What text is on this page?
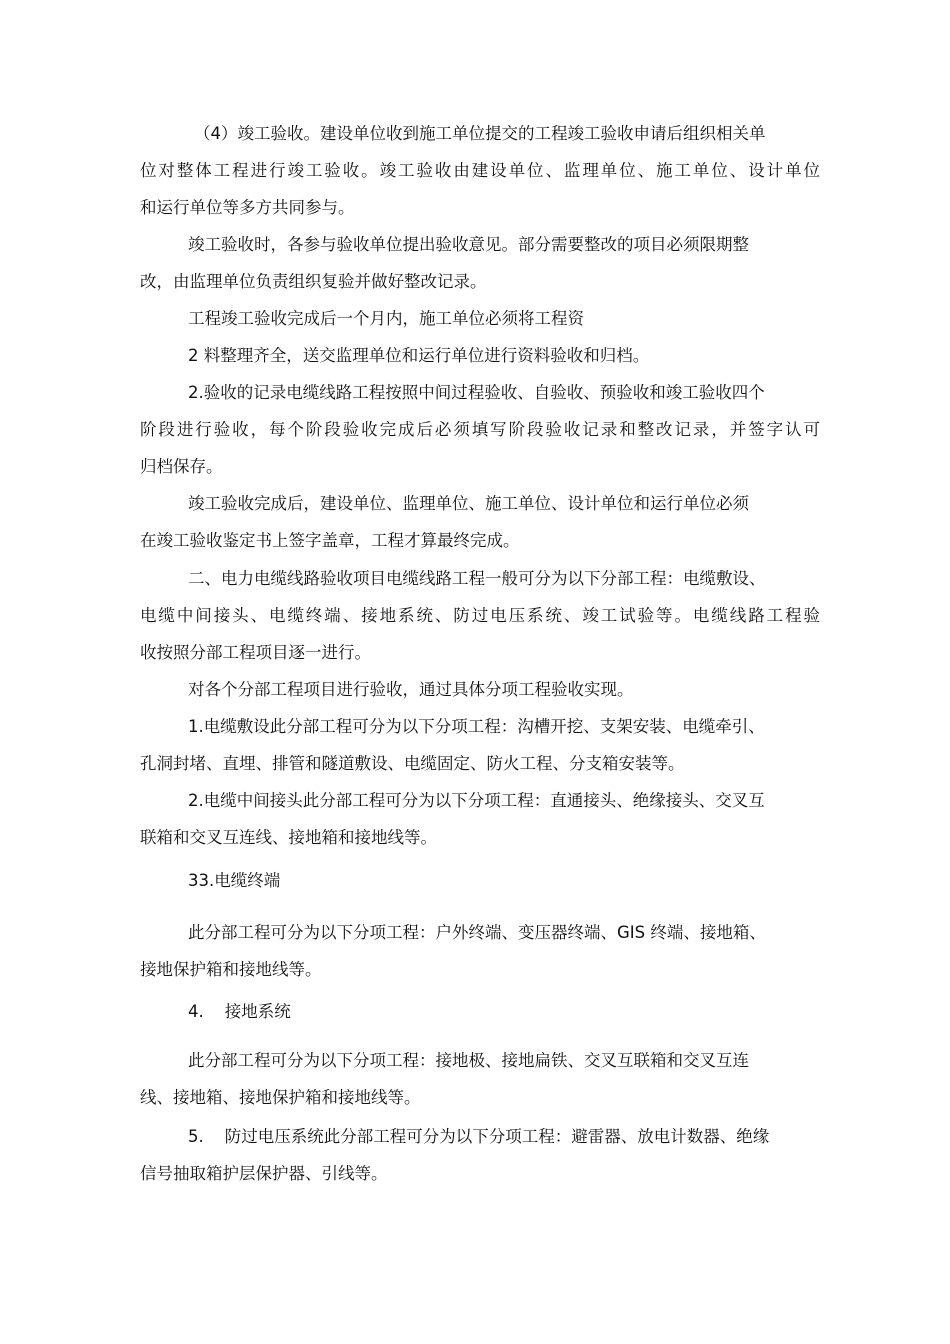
（4）竣工验收。建设单位收到施工单位提交的工程竣工验收申请后组织相关单
位对整体工程进行竣工验收。竣工验收由建设单位、监理单位、施工单位、设计单位
和运行单位等多方共同参与。
竣工验收时，各参与验收单位提出验收意见。部分需要整改的项目必须限期整
改，由监理单位负责组织复验并做好整改记录。
工程竣工验收完成后一个月内，施工单位必须将工程资
2 料整理齐全，送交监理单位和运行单位进行资料验收和归档。
2.验收的记录电缆线路工程按照中间过程验收、自验收、预验收和竣工验收四个
阶段进行验收，每个阶段验收完成后必须填写阶段验收记录和整改记录，并签字认可
归档保存。
竣工验收完成后，建设单位、监理单位、施工单位、设计单位和运行单位必须
在竣工验收鉴定书上签字盖章，工程才算最终完成。
二、电力电缆线路验收项目电缆线路工程一般可分为以下分部工程：电缆敷设、
电缆中间接头、电缆终端、接地系统、防过电压系统、竣工试验等。电缆线路工程验
收按照分部工程项目逐一进行。
对各个分部工程项目进行验收，通过具体分项工程验收实现。
1.电缆敷设此分部工程可分为以下分项工程：沟槽开挖、支架安装、电缆牵引、
孔洞封堵、直埋、排管和隧道敷设、电缆固定、防火工程、分支箱安装等。
2.电缆中间接头此分部工程可分为以下分项工程：直通接头、绝缘接头、交叉互
联箱和交叉互连线、接地箱和接地线等。
33.电缆终端
此分部工程可分为以下分项工程：户外终端、变压器终端、GIS 终端、接地箱、
接地保护箱和接地线等。
4.    接地系统
此分部工程可分为以下分项工程：接地极、接地扁铁、交叉互联箱和交叉互连
线、接地箱、接地保护箱和接地线等。
5.    防过电压系统此分部工程可分为以下分项工程：避雷器、放电计数器、绝缘
信号抽取箱护层保护器、引线等。
